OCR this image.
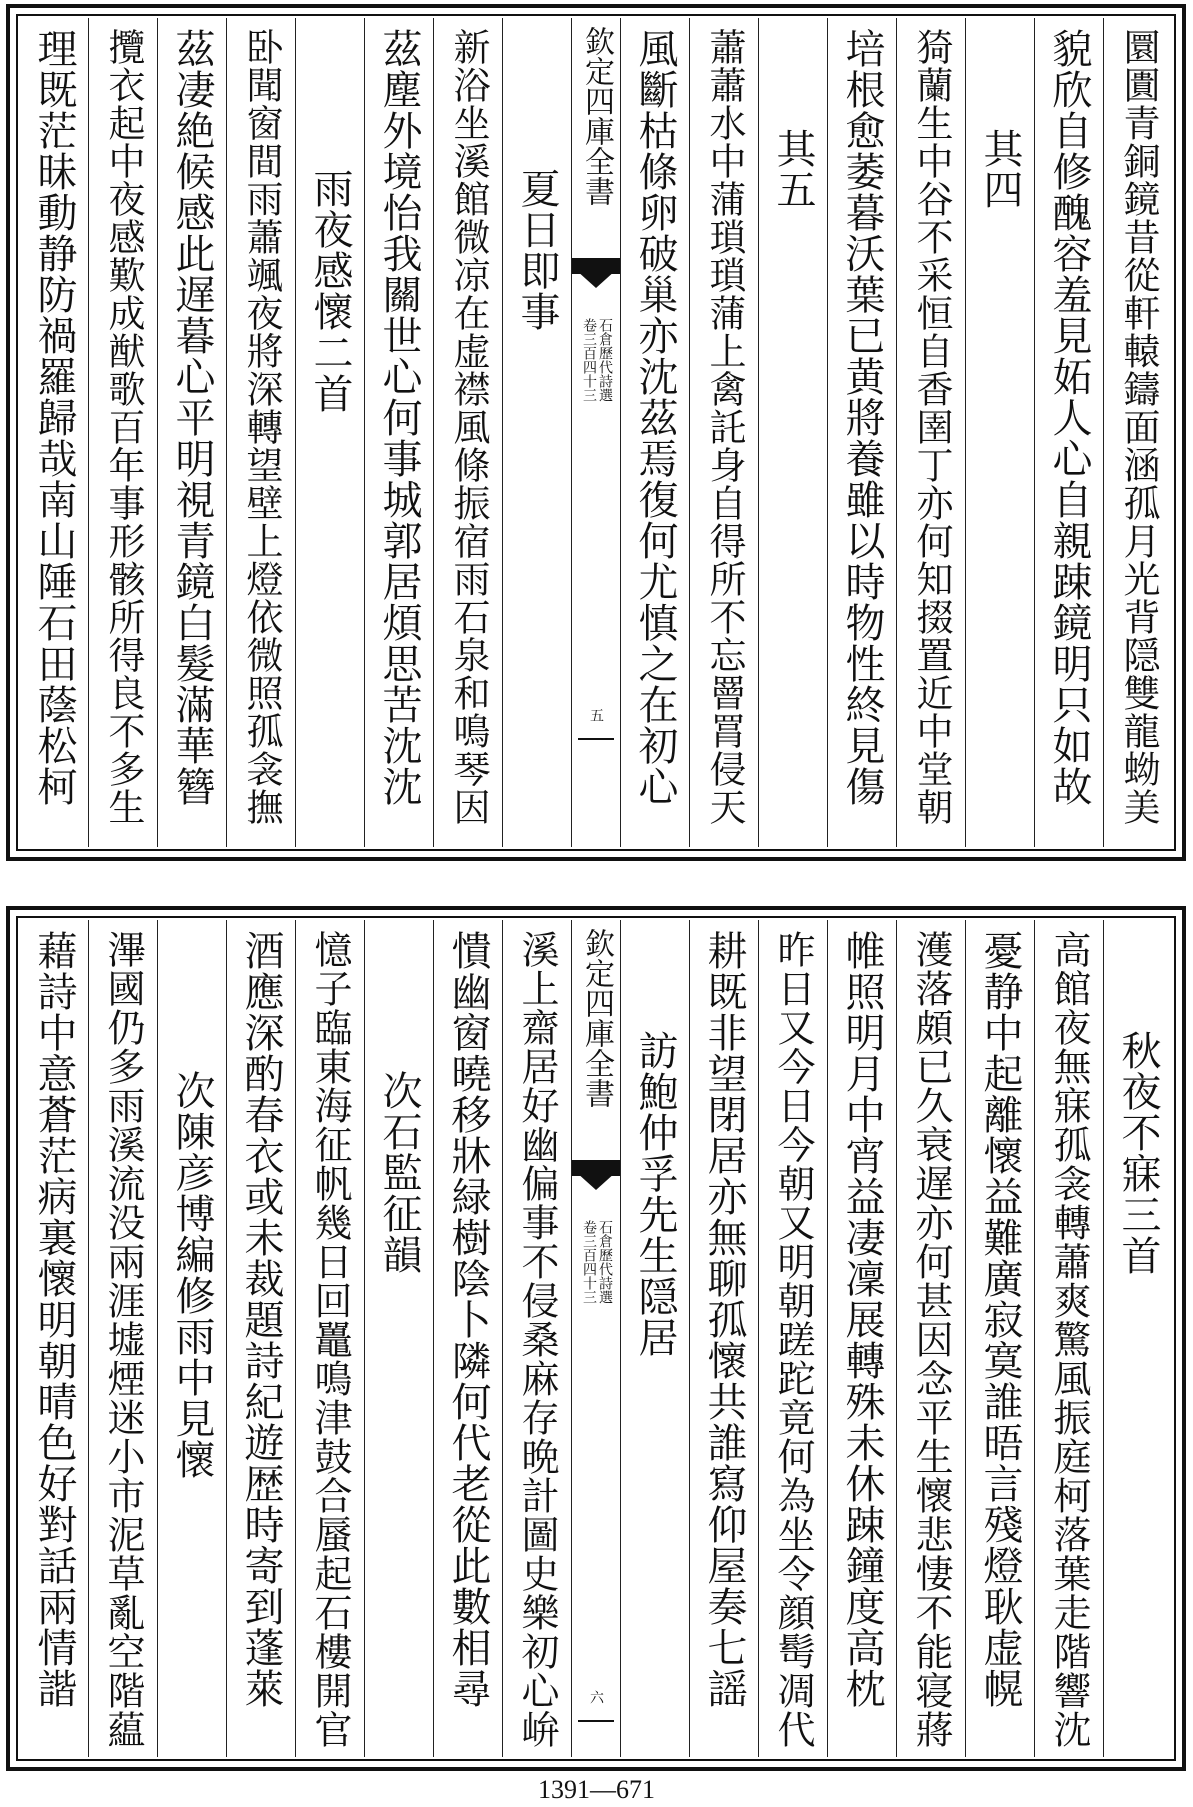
圜圚青銅鏡昔從軒轅鑄面涵孤月光背隠雙龍蚴美
貌欣自修醜容羞見妬人心自親踈鏡明只如故
其四
猗蘭生中谷不采恒自香圉丁亦何知掇置近中堂朝
培根愈萎暮沃葉已黄將養雖以時物性終見傷
其五
蕭蕭水中蒲瑣瑣蒲上禽託身自得所不忘罾罥侵天
風斷枯條卵破巢亦沈茲焉復何尤慎之在初心
欽定四庫全書
石倉歷代詩選
卷三百四十三
五
夏日即事
新浴坐溪館微凉在虚襟風條振宿雨石泉和鳴琴因
茲塵外境怡我關世心何事城郭居煩思苦沈沈
雨夜感懷二首
卧聞窗間雨蕭颯夜將深轉望壁上燈依微照孤衾撫
茲凄絶候感此遅暮心平明視青鏡白髮滿華簪
攬衣起中夜感歎成猷歌百年事形骸所得良不多生
理既茫昧動静防禍羅歸哉南山陲石田蔭松柯
秋夜不寐三首
高館夜無寐孤衾轉蕭爽驚風振庭柯落葉走階響沈
憂静中起離懷益難廣寂寞誰晤言殘燈耿虚幌
濩落頗已久衰遅亦何甚因念平生懷悲悽不能寝蔣
帷照明月中宵益凄凜展轉殊未休踈鐘度高枕
昨日又今日今朝又明朝蹉跎竟何為坐令顔髩凋代
耕既非望閉居亦無聊孤懷共誰寫仰屋奏七謡
訪鮑仲孚先生隠居
欽定四庫全書
石倉歷代詩選
卷三百四十三
六
溪上齋居好幽偏事不侵桑麻存晩計圖史樂初心峅
憒幽窗曉移牀緑樹陰卜隣何代老從此數相尋
次石監征韻
憶子臨東海征帆幾日回鼉鳴津鼓合蜃起石樓開官
酒應深酌春衣或未裁題詩紀遊歴時寄到蓬萊
次陳彦博編修雨中見懷
滭國仍多雨溪流没兩涯墟煙迷小市泥草亂空階藴
藉詩中意蒼茫病裏懷明朝晴色好對話兩情諧
1391—671
